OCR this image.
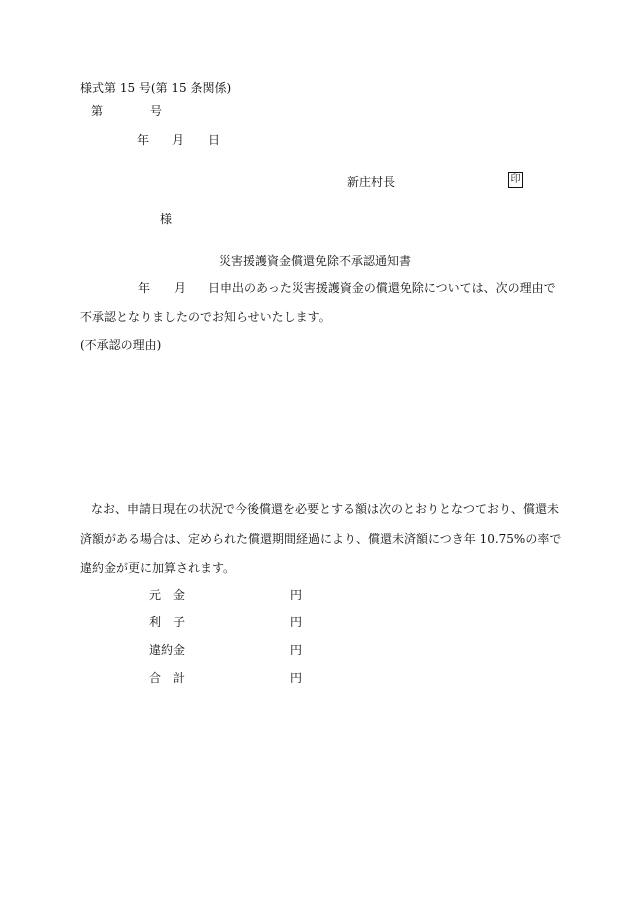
様式第 15 号(第 15 条関係)
第	号
年 月 日
新庄村長	印
様
災害援護資金償還免除不承認通知書
年 月 日申出のあった災害援護資金の償還免除については、次の理由で
不承認となりましたのでお知らせいたします。
(不承認の理由)
なお、申請日現在の状況で今後償還を必要とする額は次のとおりとなつており、償還未
済額がある場合は、定められた償還期間経過により、償還未済額につき年 10.75%の率で
違約金が更に加算されます。
元　金	円
利　子	円
違約金	円
合　計	円
